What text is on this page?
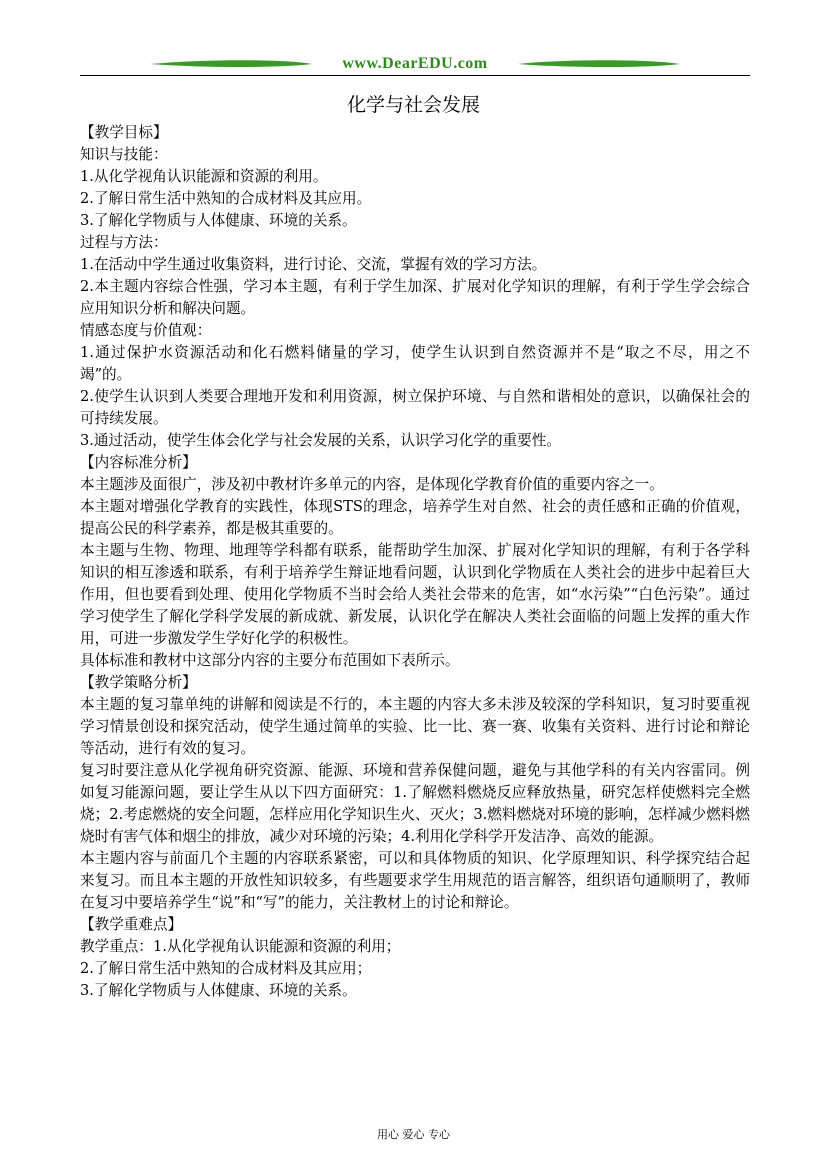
www.DearEDU.com
化学与社会发展

【教学目标】

知识与技能：

1.从化学视角认识能源和资源的利用。

2.了解日常生活中熟知的合成材料及其应用。

3.了解化学物质与人体健康、环境的关系。

过程与方法：

1.在活动中学生通过收集资料，进行讨论、交流，掌握有效的学习方法。

2.本主题内容综合性强，学习本主题，有利于学生加深、扩展对化学知识的理解，有利于学生学会综合应用知识分析和解决问题。

情感态度与价值观：

1.通过保护水资源活动和化石燃料储量的学习，使学生认识到自然资源并不是“取之不尽，用之不竭”的。

2.使学生认识到人类要合理地开发和利用资源，树立保护环境、与自然和谐相处的意识，以确保社会的可持续发展。

3.通过活动，使学生体会化学与社会发展的关系，认识学习化学的重要性。

【内容标准分析】

本主题涉及面很广，涉及初中教材许多单元的内容，是体现化学教育价值的重要内容之一。

本主题对增强化学教育的实践性，体现STS的理念，培养学生对自然、社会的责任感和正确的价值观，提高公民的科学素养，都是极其重要的。

本主题与生物、物理、地理等学科都有联系，能帮助学生加深、扩展对化学知识的理解，有利于各学科知识的相互渗透和联系，有利于培养学生辩证地看问题，认识到化学物质在人类社会的进步中起着巨大作用，但也要看到处理、使用化学物质不当时会给人类社会带来的危害，如“水污染”“白色污染”。通过学习使学生了解化学科学发展的新成就、新发展，认识化学在解决人类社会面临的问题上发挥的重大作用，可进一步激发学生学好化学的积极性。

具体标准和教材中这部分内容的主要分布范围如下表所示。

【教学策略分析】

本主题的复习靠单纯的讲解和阅读是不行的，本主题的内容大多未涉及较深的学科知识，复习时要重视学习情景创设和探究活动，使学生通过简单的实验、比一比、赛一赛、收集有关资料、进行讨论和辩论等活动，进行有效的复习。

复习时要注意从化学视角研究资源、能源、环境和营养保健问题，避免与其他学科的有关内容雷同。例如复习能源问题，要让学生从以下四方面研究：1.了解燃料燃烧反应释放热量，研究怎样使燃料完全燃烧；2.考虑燃烧的安全问题，怎样应用化学知识生火、灭火；3.燃料燃烧对环境的影响，怎样减少燃料燃烧时有害气体和烟尘的排放，减少对环境的污染；4.利用化学科学开发洁净、高效的能源。

本主题内容与前面几个主题的内容联系紧密，可以和具体物质的知识、化学原理知识、科学探究结合起来复习。而且本主题的开放性知识较多，有些题要求学生用规范的语言解答，组织语句通顺明了，教师在复习中要培养学生“说”和“写”的能力，关注教材上的讨论和辩论。

【教学重难点】

教学重点：1.从化学视角认识能源和资源的利用；

2.了解日常生活中熟知的合成材料及其应用；

3.了解化学物质与人体健康、环境的关系。

用心 爱心 专心
